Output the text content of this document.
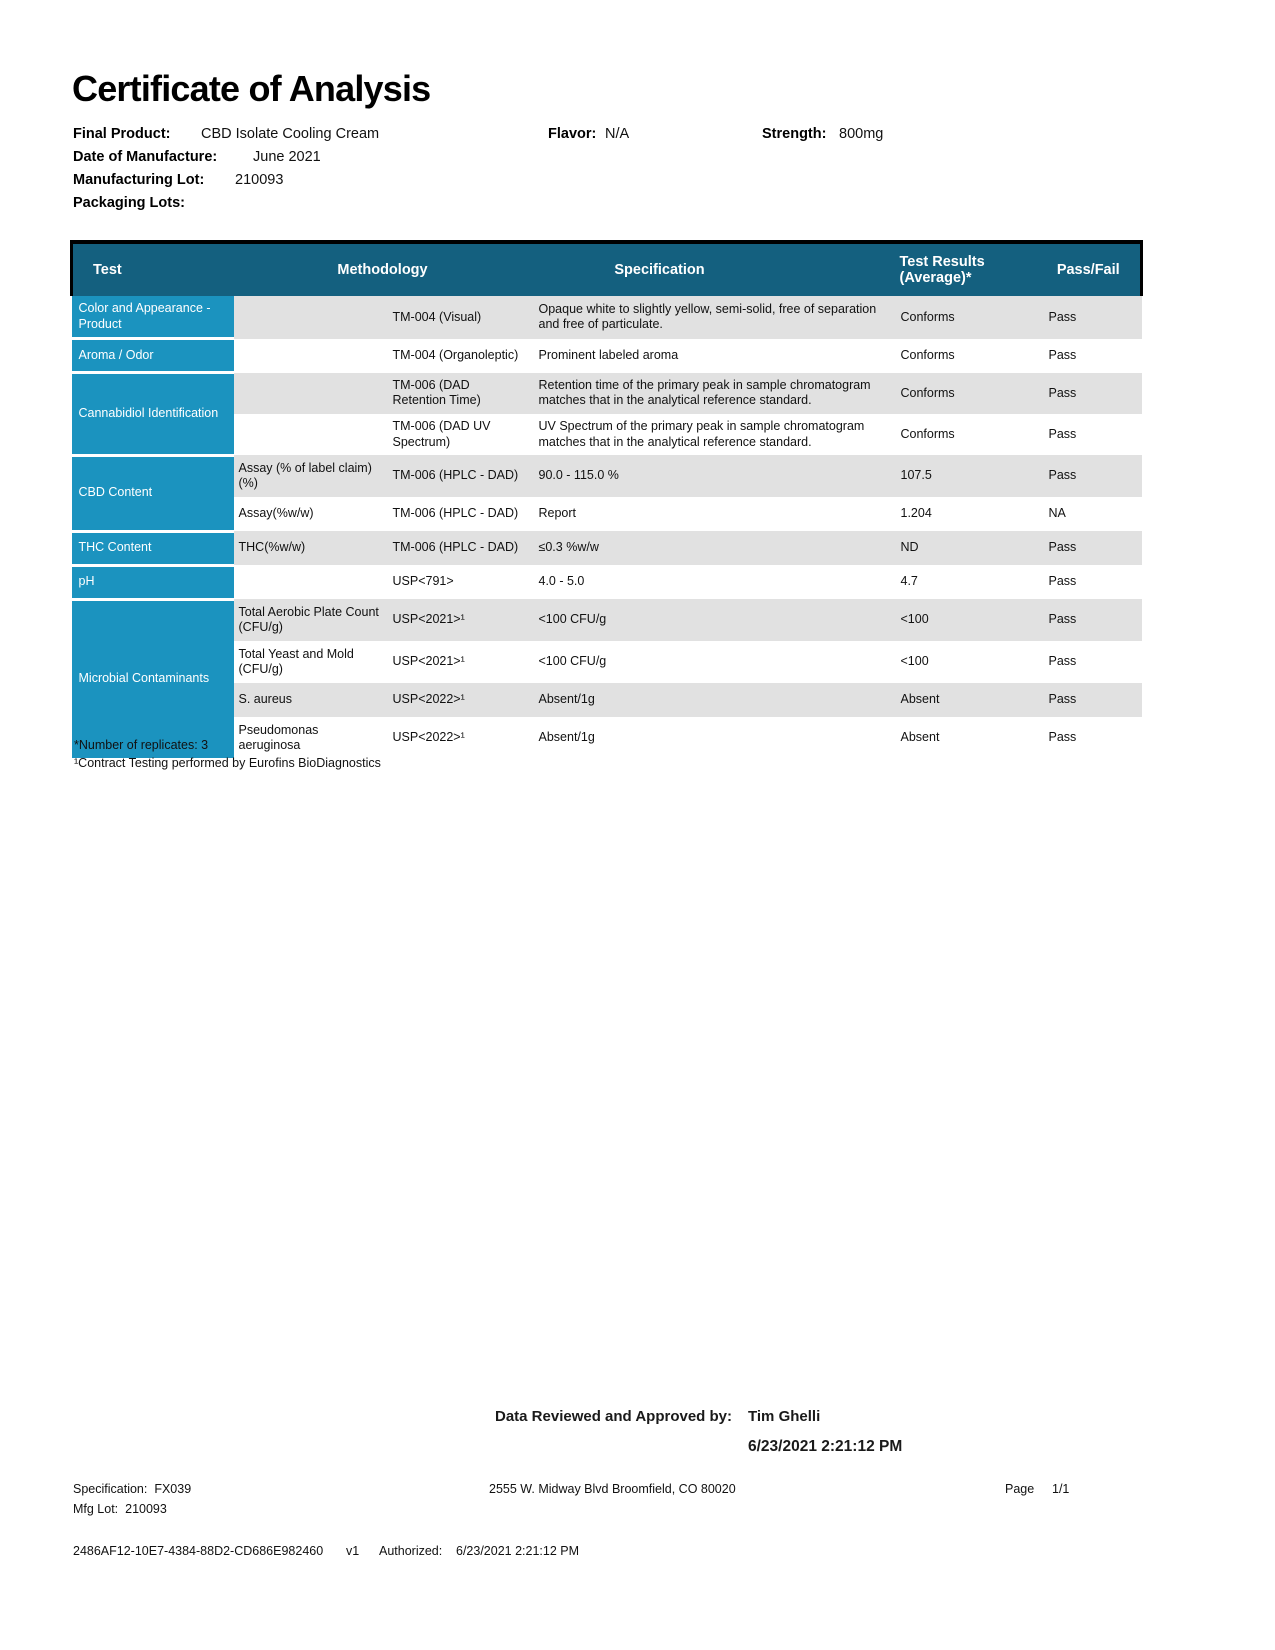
Certificate of Analysis
Final Product: CBD Isolate Cooling Cream	Flavor: N/A	Strength: 800mg
Date of Manufacture: June 2021
Manufacturing Lot: 210093
Packaging Lots:
Test	Methodology		Specification	Test Results (Average)*	Pass/Fail
Color and Appearance - Product		TM-004 (Visual)	Opaque white to slightly yellow, semi-solid, free of separation and free of particulate.	Conforms	Pass
Aroma / Odor		TM-004 (Organoleptic)	Prominent labeled aroma	Conforms	Pass
Cannabidiol Identification		TM-006 (DAD Retention Time)	Retention time of the primary peak in sample chromatogram matches that in the analytical reference standard.	Conforms	Pass
		TM-006 (DAD UV Spectrum)	UV Spectrum of the primary peak in sample chromatogram matches that in the analytical reference standard.	Conforms	Pass
CBD Content	Assay (% of label claim)(%)	TM-006 (HPLC - DAD)	90.0 - 115.0 %	107.5	Pass
	Assay(%w/w)	TM-006 (HPLC - DAD)	Report	1.204	NA
THC Content	THC(%w/w)	TM-006 (HPLC - DAD)	≤0.3 %w/w	ND	Pass
pH		USP<791>	4.0 - 5.0	4.7	Pass
Microbial Contaminants	Total Aerobic Plate Count (CFU/g)	USP<2021>¹	<100 CFU/g	<100	Pass
	Total Yeast and Mold (CFU/g)	USP<2021>¹	<100 CFU/g	<100	Pass
	S. aureus	USP<2022>¹	Absent/1g	Absent	Pass
	Pseudomonas aeruginosa	USP<2022>¹	Absent/1g	Absent	Pass
*Number of replicates: 3
¹Contract Testing performed by Eurofins BioDiagnostics
Data Reviewed and Approved by: Tim Ghelli
6/23/2021 2:21:12 PM
Specification: FX039	2555 W. Midway Blvd Broomfield, CO 80020	Page 1/1
Mfg Lot: 210093
2486AF12-10E7-4384-88D2-CD686E982460 v1 Authorized: 6/23/2021 2:21:12 PM
